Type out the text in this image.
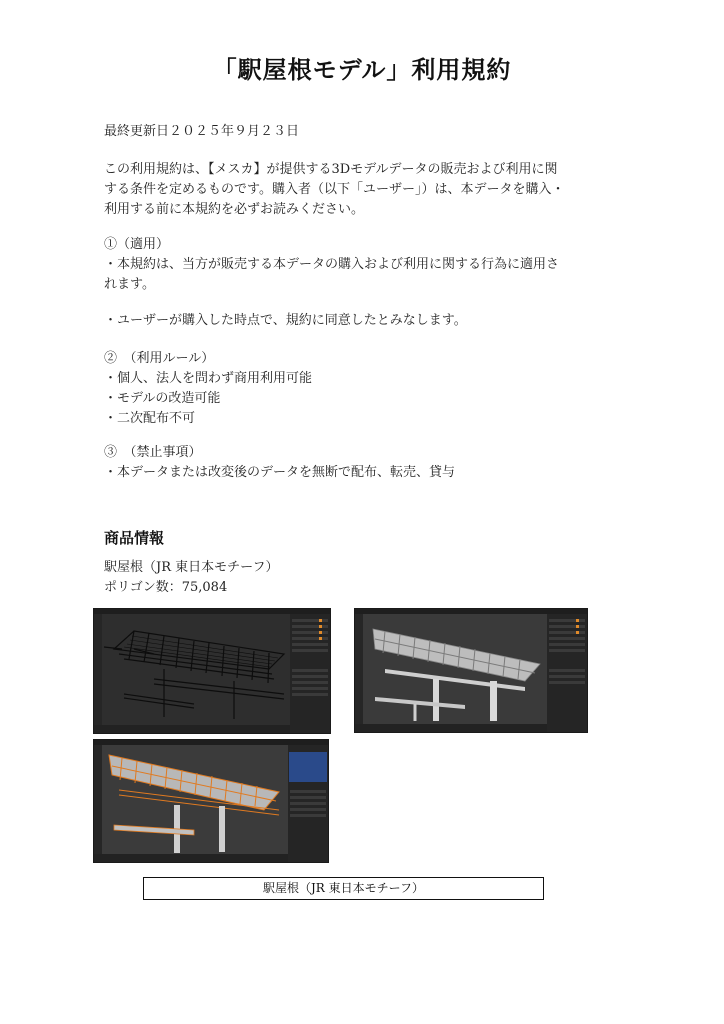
「駅屋根モデル」利用規約
最終更新日２０２５年９月２３日
この利用規約は、【メスカ】が提供する3Dモデルデータの販売および利用に関
する条件を定めるものです。購入者（以下「ユーザー」）は、本データを購入・
利用する前に本規約を必ずお読みください。
①（適用）
・本規約は、当方が販売する本データの購入および利用に関する行為に適用さ
れます。
・ユーザーが購入した時点で、規約に同意したとみなします。
②　（利用ルール）
・個人、法人を問わず商用利用可能
・モデルの改造可能
・二次配布不可
③　（禁止事項）
・本データまたは改変後のデータを無断で配布、転売、貸与
商品情報
駅屋根（JR 東日本モチーフ）
ポリゴン数：75,084
駅屋根（JR 東日本モチーフ）
